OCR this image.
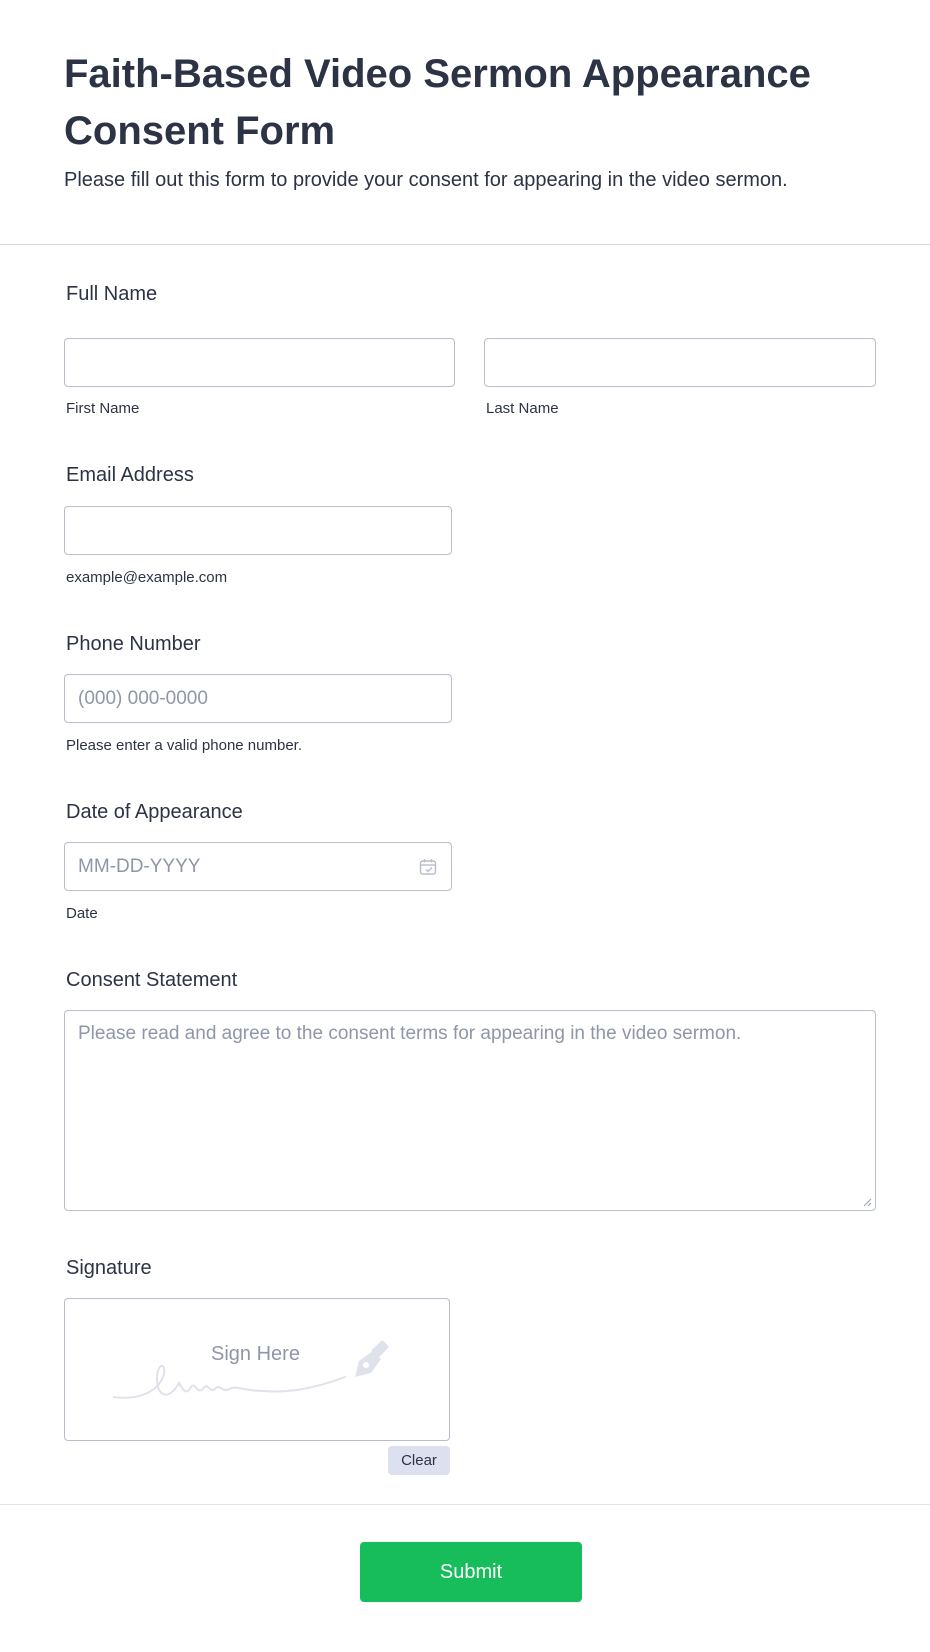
Faith-Based Video Sermon Appearance Consent Form

Please fill out this form to provide your consent for appearing in the video sermon.

Full Name
First Name	Last Name
Email Address
example@example.com
Phone Number
(000) 000-0000
Please enter a valid phone number.
Date of Appearance
MM-DD-YYYY
Date
Consent Statement
Please read and agree to the consent terms for appearing in the video sermon.
Signature
Sign Here
Clear
Submit
